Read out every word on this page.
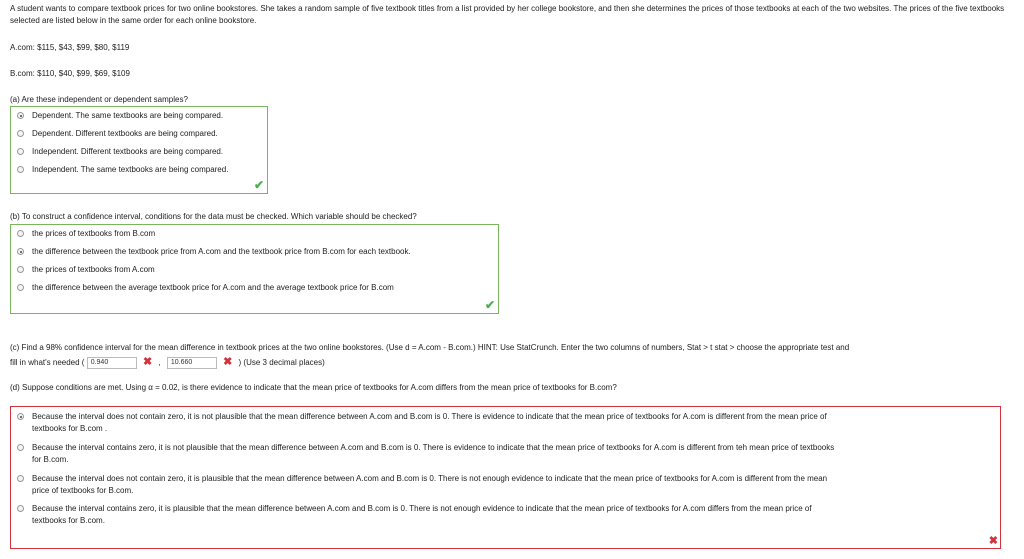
A student wants to compare textbook prices for two online bookstores. She takes a random sample of five textbook titles from a list provided by her college bookstore, and then she determines the prices of those textbooks at each of the two websites. The prices of the five textbooks selected are listed below in the same order for each online bookstore.
A.com: $115, $43, $99, $80, $119
B.com: $110, $40, $99, $69, $109
(a) Are these independent or dependent samples?
Dependent. The same textbooks are being compared.
Dependent. Different textbooks are being compared.
Independent. Different textbooks are being compared.
Independent. The same textbooks are being compared.
✔
(b) To construct a confidence interval, conditions for the data must be checked. Which variable should be checked?
the prices of textbooks from B.com
the difference between the textbook price from A.com and the textbook price from B.com for each textbook.
the prices of textbooks from A.com
the difference between the average textbook price for A.com and the average textbook price for B.com
✔
(c) Find a 98% confidence interval for the mean difference in textbook prices at the two online bookstores. (Use d = A.com - B.com.) HINT: Use StatCrunch. Enter the two columns of numbers, Stat > t stat > choose the appropriate test and
fill in what's needed ( 0.940	✖ , 10.660	✖ ) (Use 3 decimal places)
(d) Suppose conditions are met. Using α = 0.02, is there evidence to indicate that the mean price of textbooks for A.com differs from the mean price of textbooks for B.com?
Because the interval does not contain zero, it is not plausible that the mean difference between A.com and B.com is 0. There is evidence to indicate that the mean price of textbooks for A.com is different from the mean price of
textbooks for B.com .
Because the interval contains zero, it is not plausible that the mean difference between A.com and B.com is 0. There is evidence to indicate that the mean price of textbooks for A.com is different from teh mean price of textbooks
for B.com.
Because the interval does not contain zero, it is plausible that the mean difference between A.com and B.com is 0. There is not enough evidence to indicate that the mean price of textbooks for A.com is different from the mean
price of textbooks for B.com.
Because the interval contains zero, it is plausible that the mean difference between A.com and B.com is 0. There is not enough evidence to indicate that the mean price of textbooks for A.com differs from the mean price of
textbooks for B.com.
✖
